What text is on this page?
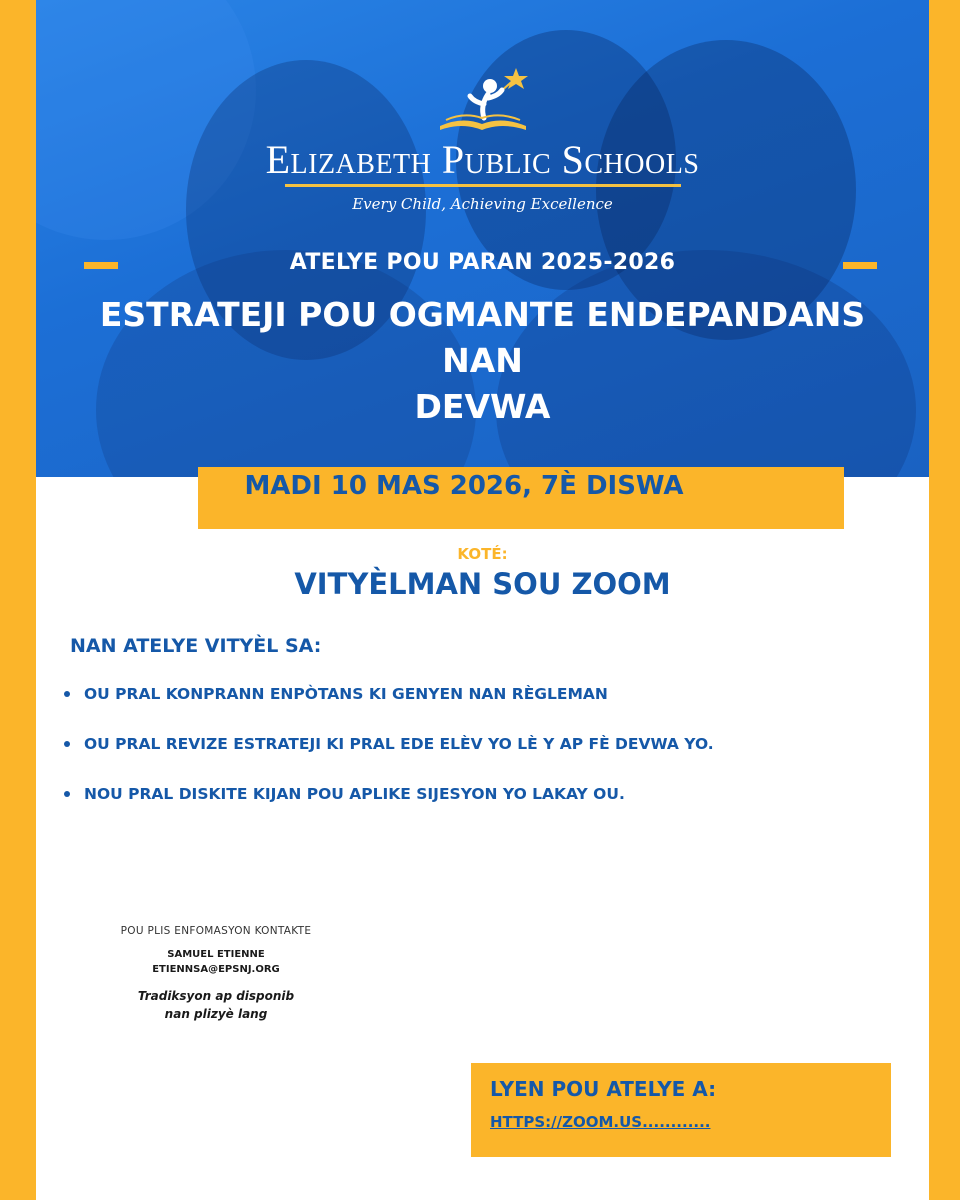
Elizabeth Public Schools
Every Child, Achieving Excellence
ATELYE POU PARAN 2025-2026
ESTRATEJI POU OGMANTE ENDEPANDANS NAN
DEVWA
MADI 10 MAS 2026, 7È DISWA
KOTÉ:
VITYÈLMAN SOU ZOOM
NAN ATELYE VITYÈL SA:
OU PRAL KONPRANN ENPÒTANS KI GENYEN NAN RÈGLEMAN
OU PRAL REVIZE ESTRATEJI KI PRAL EDE ELÈV YO LÈ Y AP FÈ DEVWA YO.
NOU PRAL DISKITE KIJAN POU APLIKE SIJESYON YO LAKAY OU.
POU PLIS ENFOMASYON KONTAKTE
SAMUEL ETIENNE
ETIENNSA@EPSNJ.ORG
Tradiksyon ap disponib
nan plizyè lang
LYEN POU ATELYE A:
HTTPS://ZOOM.US............
